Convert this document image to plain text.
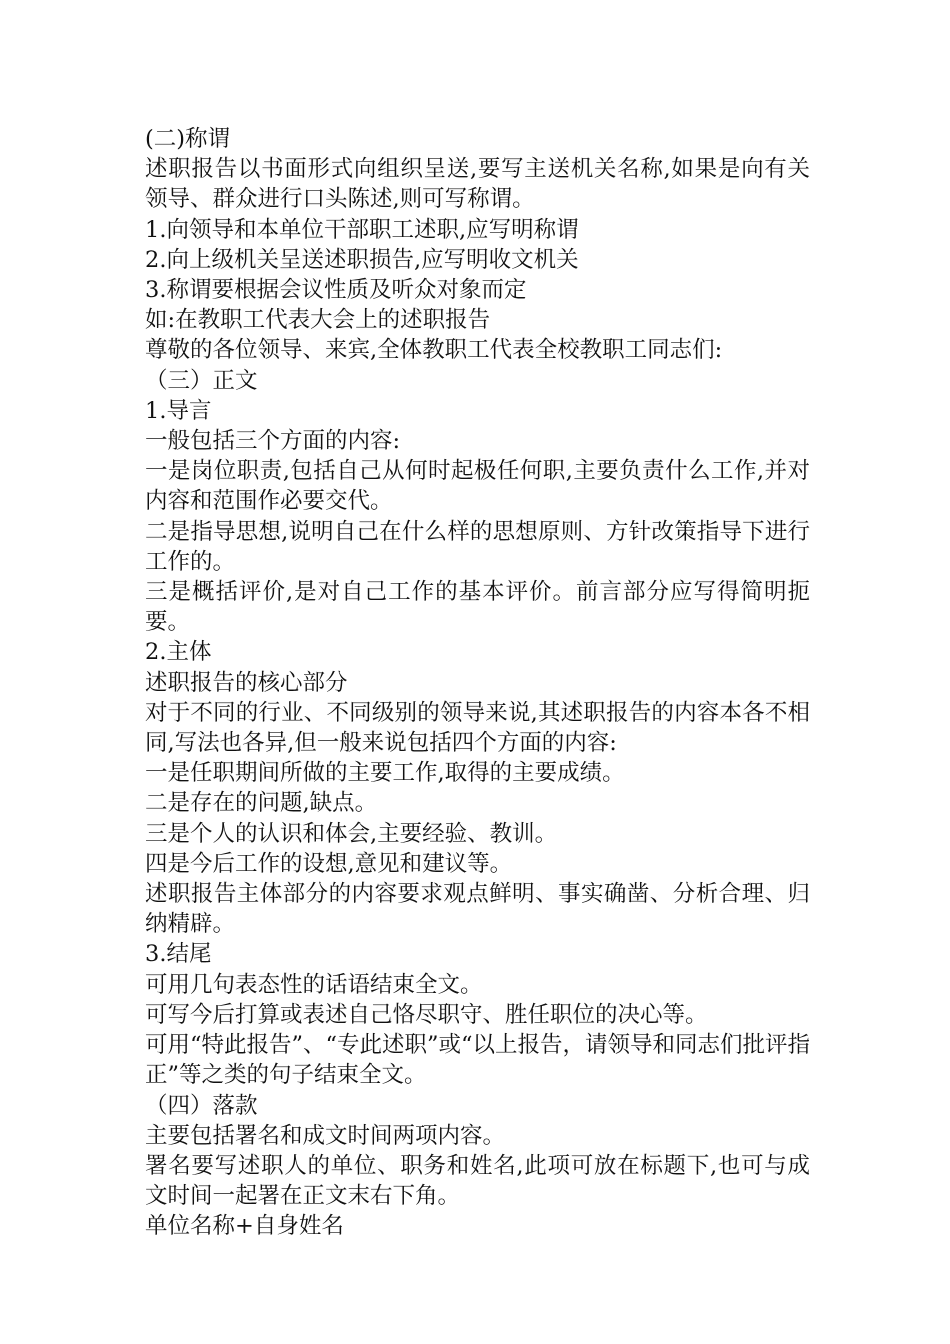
(二)称谓
述职报告以书面形式向组织呈送,要写主送机关名称,如果是向有关领导、群众进行口头陈述,则可写称谓。
1.向领导和本单位干部职工述职,应写明称谓
2.向上级机关呈送述职损告,应写明收文机关
3.称谓要根据会议性质及听众对象而定
如:在教职工代表大会上的述职报告
尊敬的各位领导、来宾,全体教职工代表全校教职工同志们:
（三）正文
1.导言
一般包括三个方面的内容:
一是岗位职责,包括自己从何时起极任何职,主要负责什么工作,并对内容和范围作必要交代。
二是指导思想,说明自己在什么样的思想原则、方针改策指导下进行工作的。
三是概括评价,是对自己工作的基本评价。前言部分应写得简明扼要。
2.主体
述职报告的核心部分
对于不同的行业、不同级别的领导来说,其述职报告的内容本各不相同,写法也各异,但一般来说包括四个方面的内容:
一是任职期间所做的主要工作,取得的主要成绩。
二是存在的问题,缺点。
三是个人的认识和体会,主要经验、教训。
四是今后工作的设想,意见和建议等。
述职报告主体部分的内容要求观点鲜明、事实确凿、分析合理、归纳精辟。
3.结尾
可用几句表态性的话语结束全文。
可写今后打算或表述自己恪尽职守、胜任职位的决心等。
可用“特此报告”、“专此述职”或“以上报告，请领导和同志们批评指正”等之类的句子结束全文。
（四）落款
主要包括署名和成文时间两项内容。
署名要写述职人的单位、职务和姓名,此项可放在标题下,也可与成文时间一起署在正文末右下角。
单位名称+自身姓名
